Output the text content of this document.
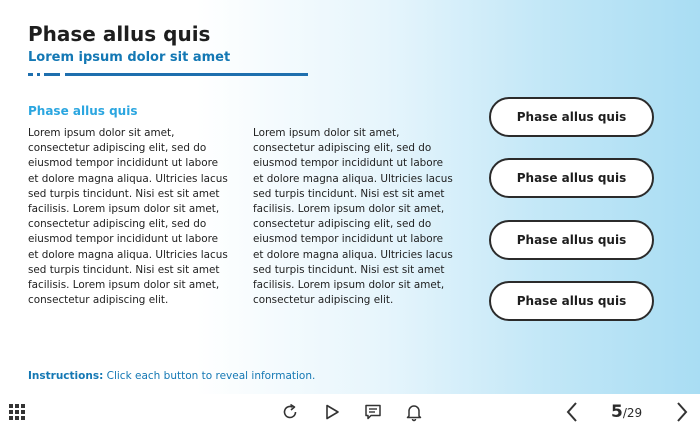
Phase allus quis
Lorem ipsum dolor sit amet
Phase allus quis
Lorem ipsum dolor sit amet, consectetur adipiscing elit, sed do eiusmod tempor incididunt ut labore et dolore magna aliqua. Ultricies lacus sed turpis tincidunt. Nisi est sit amet facilisis. Lorem ipsum dolor sit amet, consectetur adipiscing elit, sed do eiusmod tempor incididunt ut labore et dolore magna aliqua. Ultricies lacus sed turpis tincidunt. Nisi est sit amet facilisis. Lorem ipsum dolor sit amet, consectetur adipiscing elit.
Lorem ipsum dolor sit amet, consectetur adipiscing elit, sed do eiusmod tempor incididunt ut labore et dolore magna aliqua. Ultricies lacus sed turpis tincidunt. Nisi est sit amet facilisis. Lorem ipsum dolor sit amet, consectetur adipiscing elit, sed do eiusmod tempor incididunt ut labore et dolore magna aliqua. Ultricies lacus sed turpis tincidunt. Nisi est sit amet facilisis. Lorem ipsum dolor sit amet, consectetur adipiscing elit.
Phase allus quis
Phase allus quis
Phase allus quis
Phase allus quis
Instructions: Click each button to reveal information.
5/29
